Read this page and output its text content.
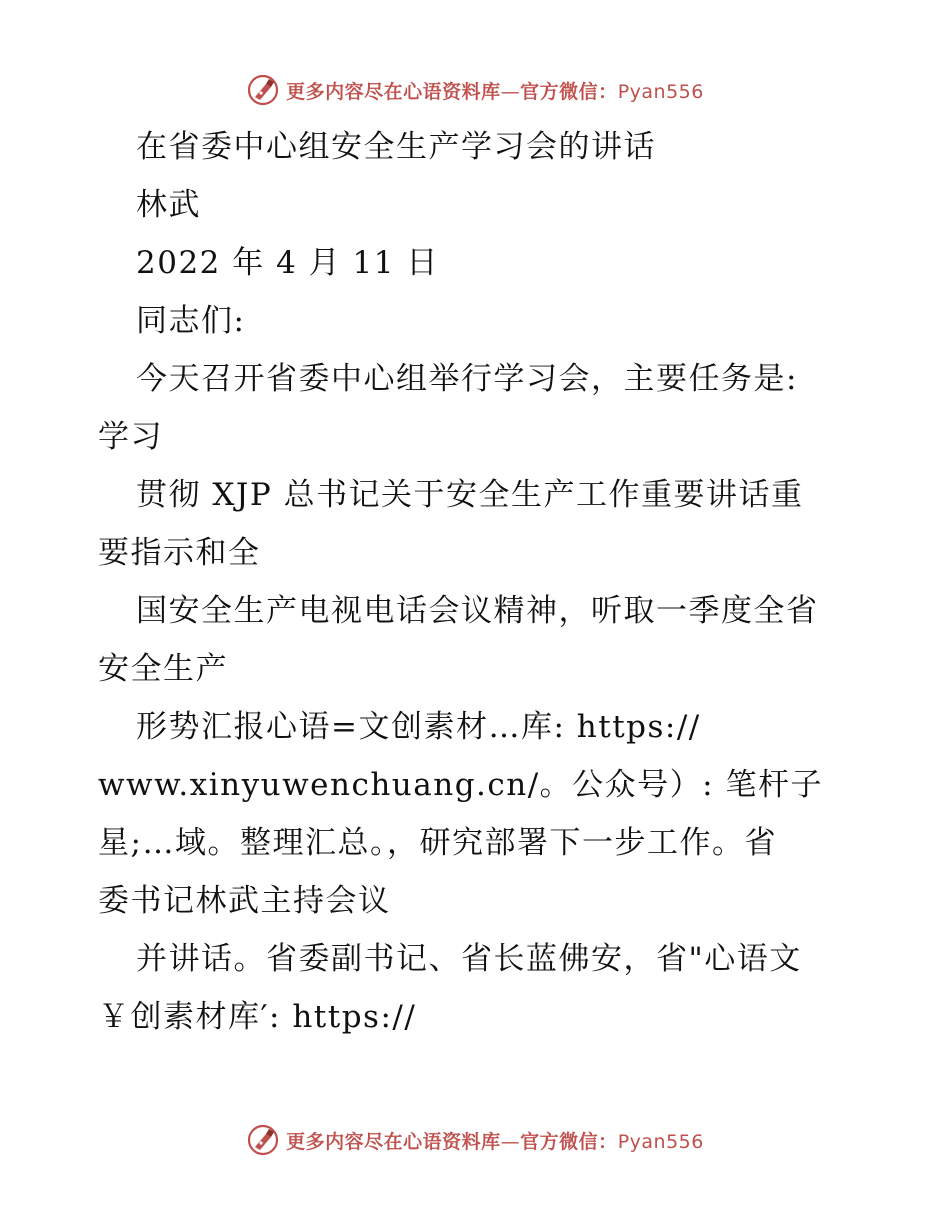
更多内容尽在心语资料库—官方微信：Pyan556
在省委中心组安全生产学习会的讲话
林武
2022 年 4 月 11 日
同志们:
今天召开省委中心组举行学习会，主要任务是:
学习
贯彻 XJP 总书记关于安全生产工作重要讲话重
要指示和全
国安全生产电视电话会议精神，听取一季度全省
安全生产
形势汇报心语=文创素材…库: https://
www.xinyuwenchuang.cn/。公众号）: 笔杆子
星;…域。整理汇总。，研究部署下一步工作。省
委书记林武主持会议
并讲话。省委副书记、省长蓝佛安，省"心语文
￥创素材库′: https://
更多内容尽在心语资料库—官方微信：Pyan556
